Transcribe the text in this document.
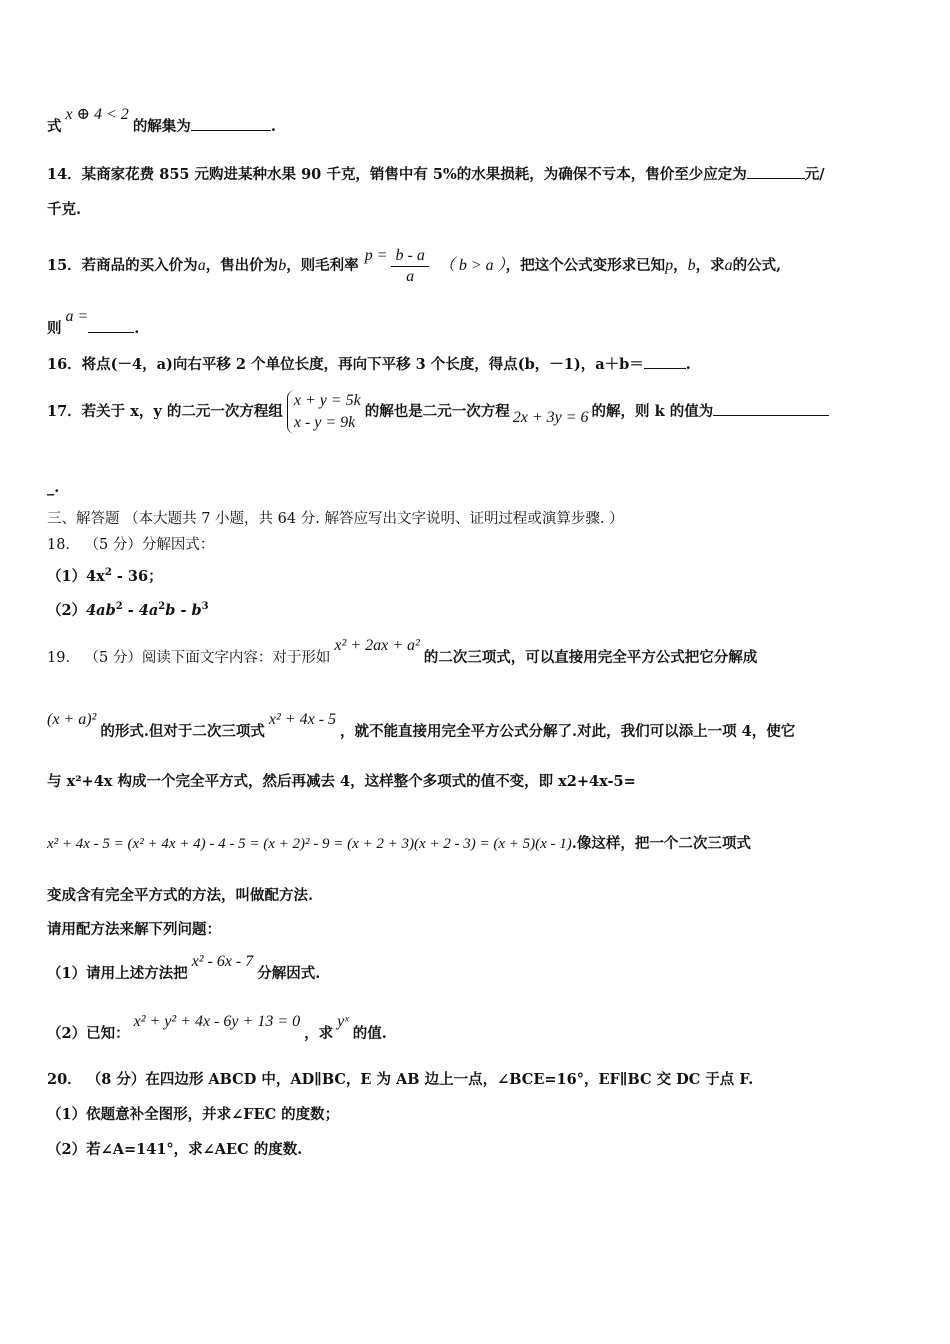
式x ⊕ 4 < 2的解集为	.
14．某商家花费 855 元购进某种水果 90 千克，销售中有 5%的水果损耗，为确保不亏本，售价至少应定为	元/
千克.
15．若商品的买入价为a，售出价为b，则毛利率$p = \frac{b - a}{a}$ （ b > a ），把这个公式变形求已知p，b，求a的公式,
则a =.
16．将点(－4，a)向右平移 2 个单位长度，再向下平移 3 个长度，得点(b，－1)，a＋b＝	.
17．若关于 x，y 的二元一次方程组
x + y = 5k
x - y = 9k
的解也是二元一次方程 2x + 3y = 6 的解，则 k 的值为
_.
三、解答题 （本大题共 7 小题，共 64 分. 解答应写出文字说明、证明过程或演算步骤. ）
18． （5 分）分解因式：
$(1)4x^2 - 36$；
$(2)4ab^2 - 4a^2b - b^3$
19． （5 分）阅读下面文字内容：对于形如x² + 2ax + a²的二次三项式，可以直接用完全平方公式把它分解成
(x + a)²的形式.但对于二次三项式x² + 4x - 5，就不能直接用完全平方公式分解了.对此，我们可以添上一项 4，使它
与 x²+4x 构成一个完全平方式，然后再减去 4，这样整个多项式的值不变，即 x2+4x-5=
x² + 4x - 5 = (x² + 4x + 4) - 4 - 5 = (x + 2)² - 9 = (x + 2 + 3)(x + 2 - 3) = (x + 5)(x - 1).像这样，把一个二次三项式
变成含有完全平方式的方法，叫做配方法.
请用配方法来解下列问题：
（1）请用上述方法把x² - 6x - 7分解因式.
（2）已知：x² + y² + 4x - 6y + 13 = 0，求yˣ的值.
20． （8 分）在四边形 ABCD 中，AD∥BC，E 为 AB 边上一点，∠BCE=16°，EF∥BC 交 DC 于点 F.
（1）依题意补全图形，并求∠FEC 的度数；
（2）若∠A=141°，求∠AEC 的度数.
